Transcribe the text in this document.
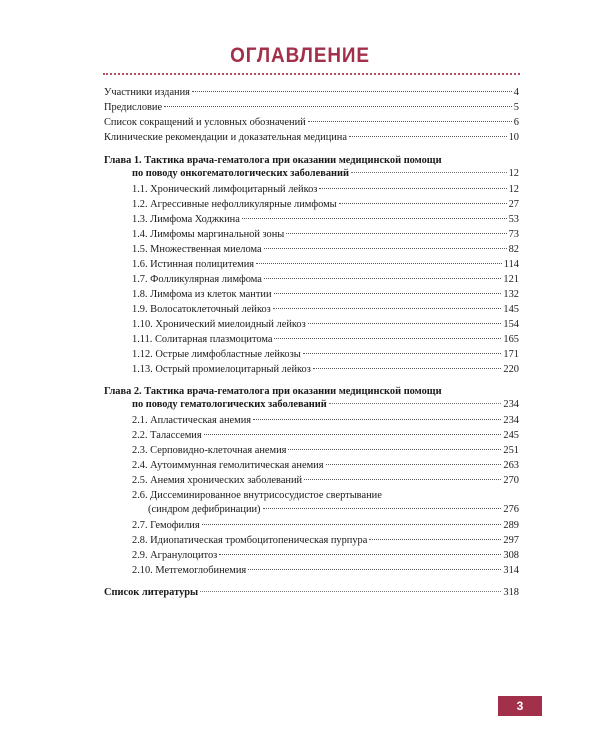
ОГЛАВЛЕНИЕ
Участники издания	4
Предисловие	5
Список сокращений и условных обозначений	6
Клинические рекомендации и доказательная медицина	10
Глава 1. Тактика врача-гематолога при оказании медицинской помощи
по поводу онкогематологических заболеваний	12
1.1. Хронический лимфоцитарный лейкоз	12
1.2. Агрессивные нефолликулярные лимфомы	27
1.3. Лимфома Ходжкина	53
1.4. Лимфомы маргинальной зоны	73
1.5. Множественная миелома	82
1.6. Истинная полицитемия	114
1.7. Фолликулярная лимфома	121
1.8. Лимфома из клеток мантии	132
1.9. Волосатоклеточный лейкоз	145
1.10. Хронический миелоидный лейкоз	154
1.11. Солитарная плазмоцитома	165
1.12. Острые лимфобластные лейкозы	171
1.13. Острый промиелоцитарный лейкоз	220
Глава 2. Тактика врача-гематолога при оказании медицинской помощи
по поводу гематологических заболеваний	234
2.1. Апластическая анемия	234
2.2. Талассемия	245
2.3. Серповидно-клеточная анемия	251
2.4. Аутоиммунная гемолитическая анемия	263
2.5. Анемия хронических заболеваний	270
2.6. Диссеминированное внутрисосудистое свертывание
(синдром дефибринации)	276
2.7. Гемофилия	289
2.8. Идиопатическая тромбоцитопеническая пурпура	297
2.9. Агранулоцитоз	308
2.10. Метгемоглобинемия	314
Список литературы	318
3
